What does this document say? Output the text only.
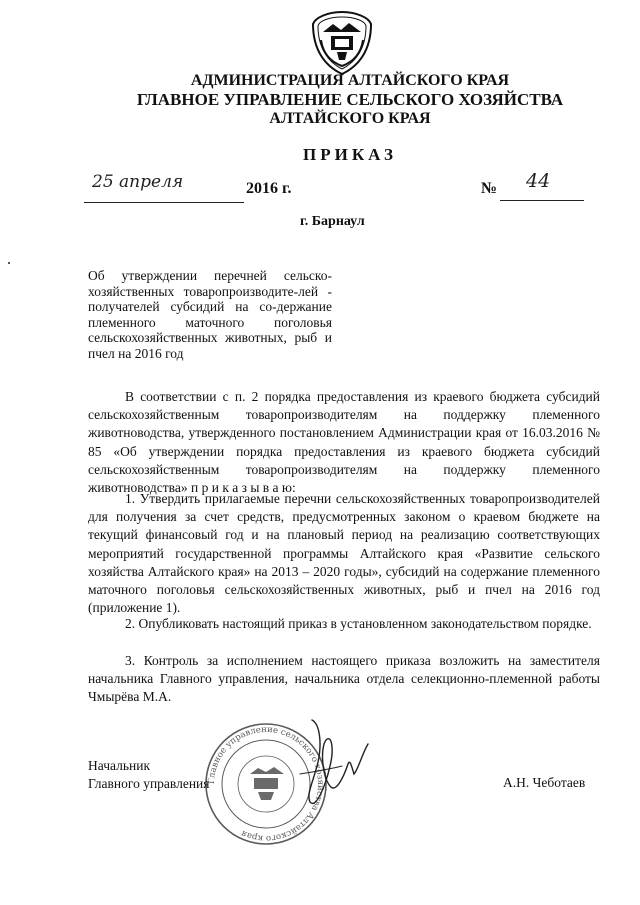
АДМИНИСТРАЦИЯ АЛТАЙСКОГО КРАЯ
ГЛАВНОЕ УПРАВЛЕНИЕ СЕЛЬСКОГО ХОЗЯЙСТВА
АЛТАЙСКОГО КРАЯ
ПРИКАЗ
25 апреля	2016 г.	№ 44
г. Барнаул
Об утверждении перечней сельско-хозяйственных товаропроизводите-лей - получателей субсидий на со-держание племенного маточного поголовья сельскохозяйственных животных, рыб и пчел на 2016 год
В соответствии с п. 2 порядка предоставления из краевого бюджета субсидий сельскохозяйственным товаропроизводителям на поддержку племенного животноводства, утвержденного постановлением Администрации края от 16.03.2016 № 85 «Об утверждении порядка предоставления из краевого бюджета субсидий сельскохозяйственным товаропроизводителям на поддержку племенного животноводства» п р и к а з ы в а ю:
1. Утвердить прилагаемые перечни сельскохозяйственных товаропроизводителей для получения за счет средств, предусмотренных законом о краевом бюджете на текущий финансовый год и на плановый период на реализацию соответствующих мероприятий государственной программы Алтайского края «Развитие сельского хозяйства Алтайского края» на 2013 – 2020 годы», субсидий на содержание племенного маточного поголовья сельскохозяйственных животных, рыб и пчел на 2016 год (приложение 1).
2. Опубликовать настоящий приказ в установленном законодательством порядке.
3. Контроль за исполнением настоящего приказа возложить на заместителя начальника Главного управления, начальника отдела селекционно-племенной работы Чмырёва М.А.
Главное управление сельского хозяйства Алтайского края
Начальник
Главного управления	А.Н. Чеботаев
